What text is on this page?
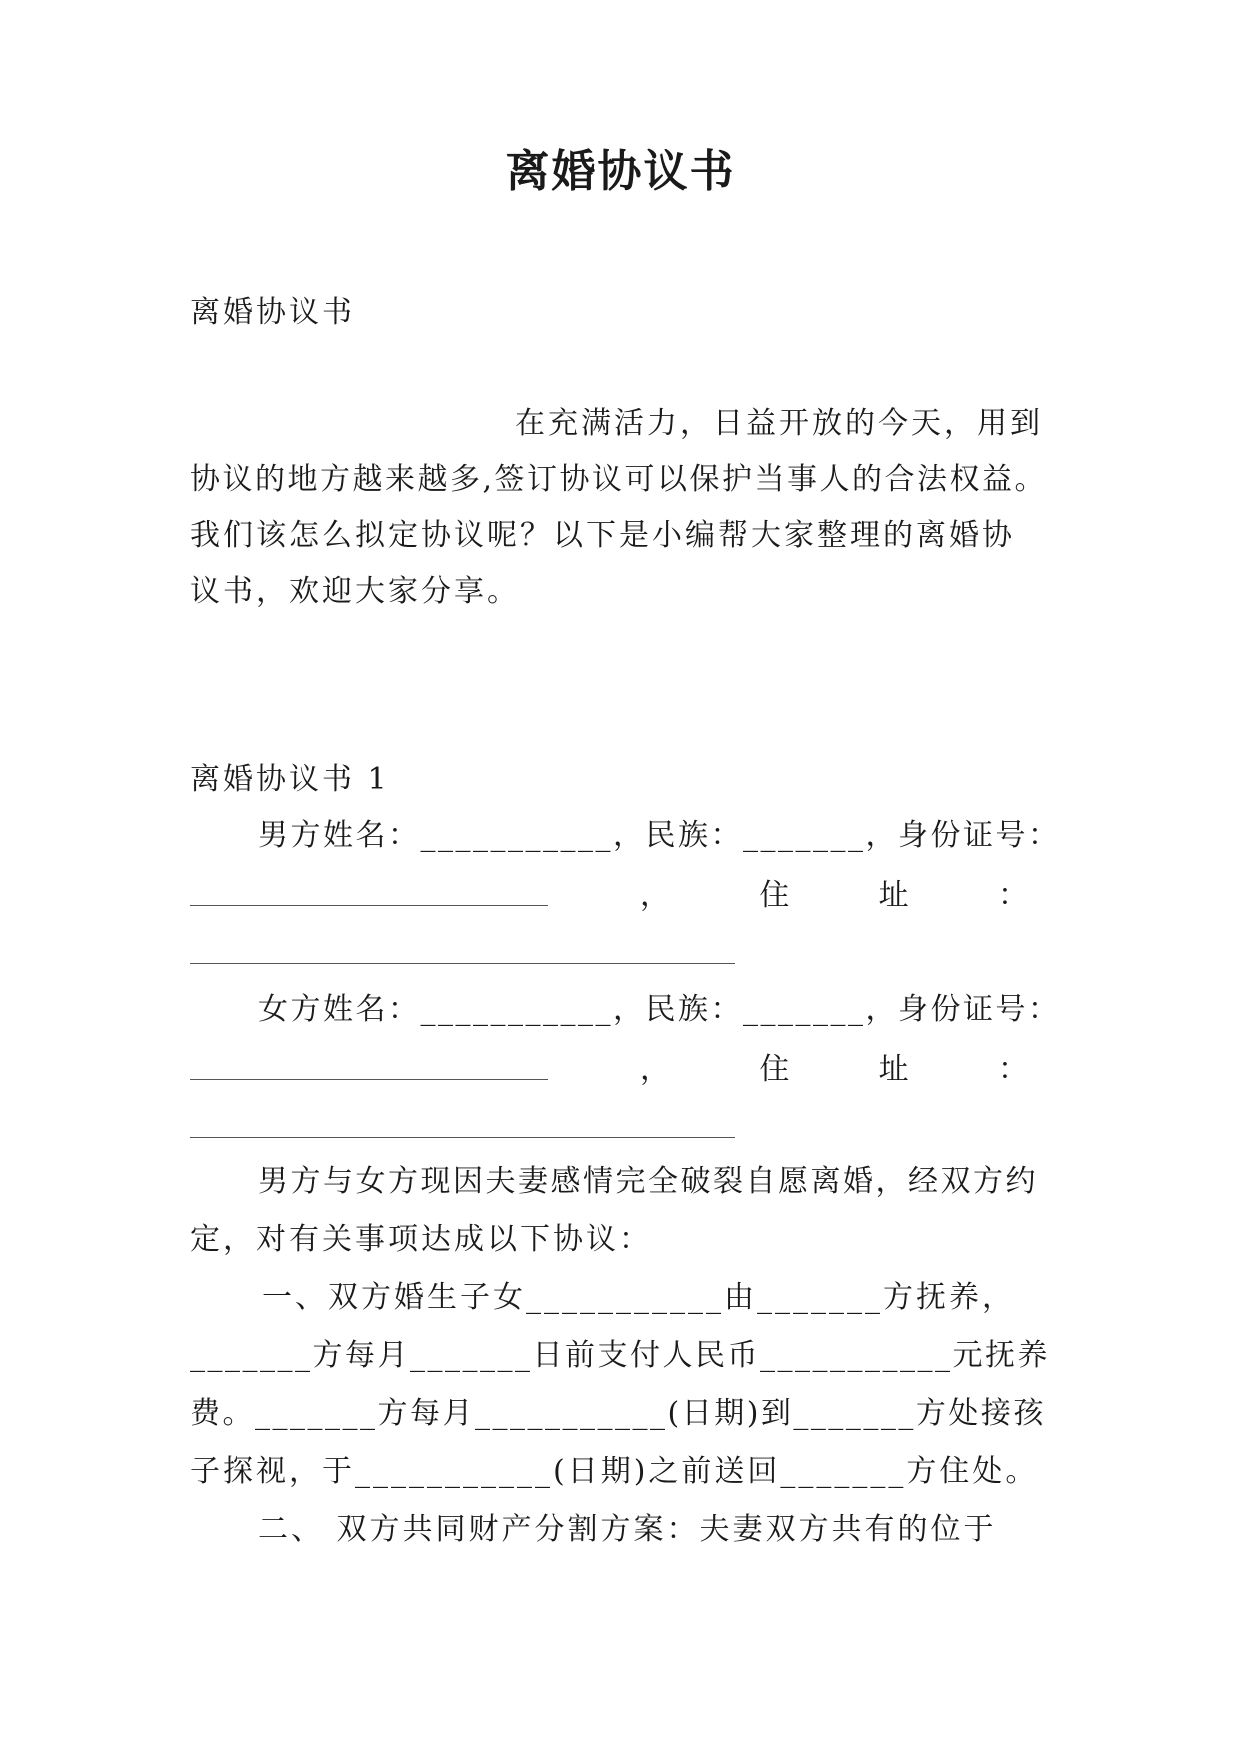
离婚协议书
离婚协议书
在充满活力，日益开放的今天，用到
协议的地方越来越多,签订协议可以保护当事人的合法权益。
我们该怎么拟定协议呢？以下是小编帮大家整理的离婚协
议书，欢迎大家分享。
离婚协议书 1
男方姓名：___________，民族：_______，身份证号：
，	住	址	：
女方姓名：___________，民族：_______，身份证号：
，	住	址	：
男方与女方现因夫妻感情完全破裂自愿离婚，经双方约
定，对有关事项达成以下协议：
一、双方婚生子女___________由_______方抚养，
_______方每月_______日前支付人民币___________元抚养
费。_______方每月___________(日期)到_______方处接孩
子探视，于___________(日期)之前送回_______方住处。
二、 双方共同财产分割方案：夫妻双方共有的位于
